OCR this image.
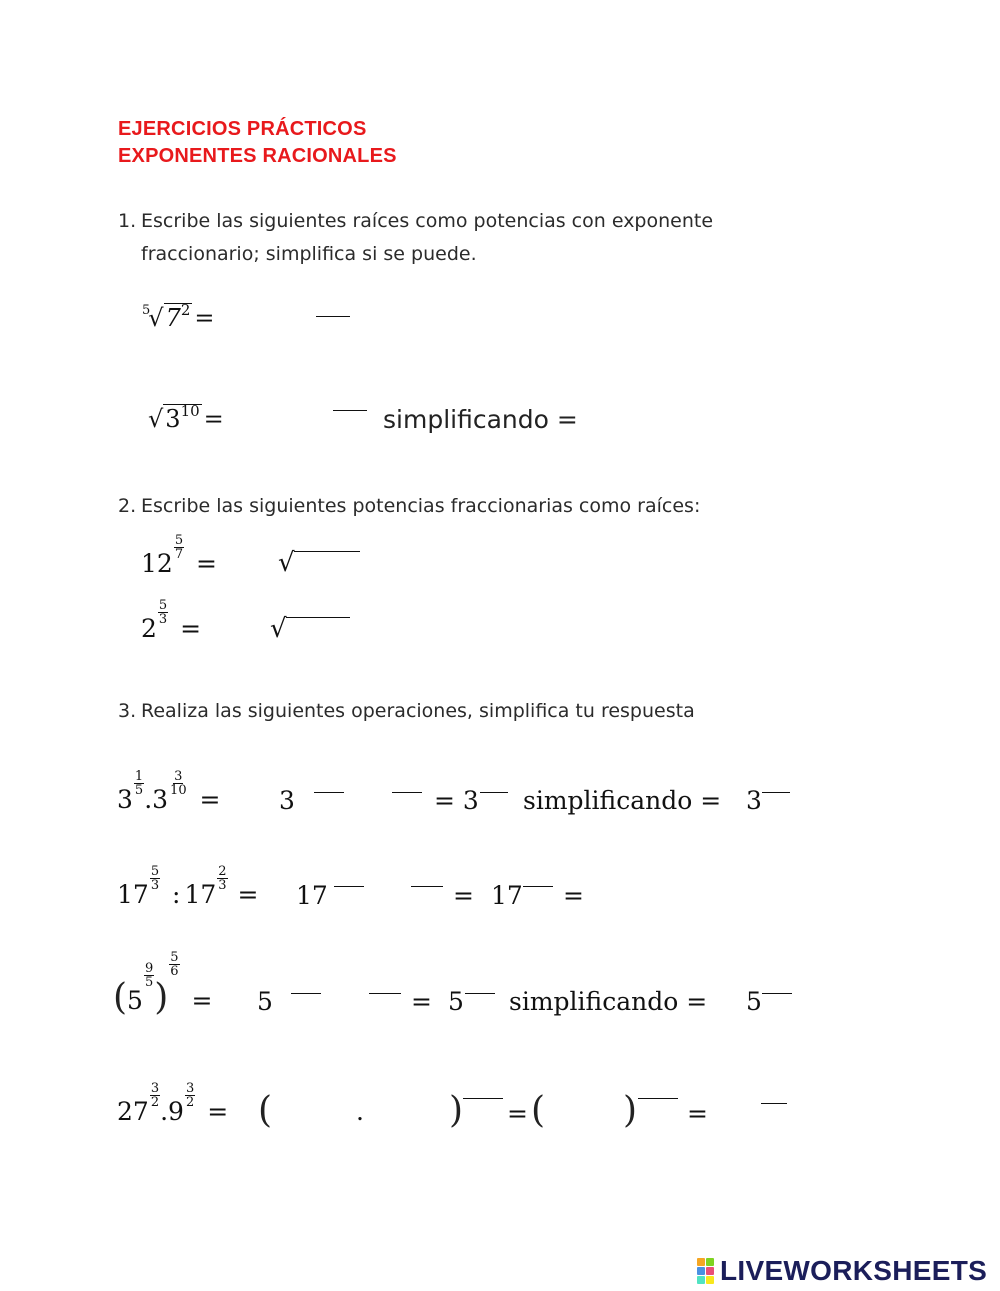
EJERCICIOS PRÁCTICOS
EXPONENTES RACIONALES
1. Escribe las siguientes raíces como potencias con exponente
fraccionario; simplifica si se puede.
$^5√7^2$ =
$√3^{10}$ =	simplificando =
2. Escribe las siguientes potencias fraccionarias como raíces:
12
$\frac{5}{7}$
= √
2
$\frac{5}{3}$
=	√
3. Realiza las siguientes operaciones, simplifica tu respuesta
3
$\frac{1}{5}$
.3
$\frac{3}{10}$
= 3	= 3 simplificando = 3
17
$\frac{5}{3}$
: 17
$\frac{2}{3}$
= 17	= 17 =
(5
$\frac{9}{5}$
)
$\frac{5}{6}$
= 5	= 5 simplificando = 5
27
$\frac{3}{2}$
.9
$\frac{3}{2}$
= (	. ) = ( ) =
LIVEWORKSHEETS
